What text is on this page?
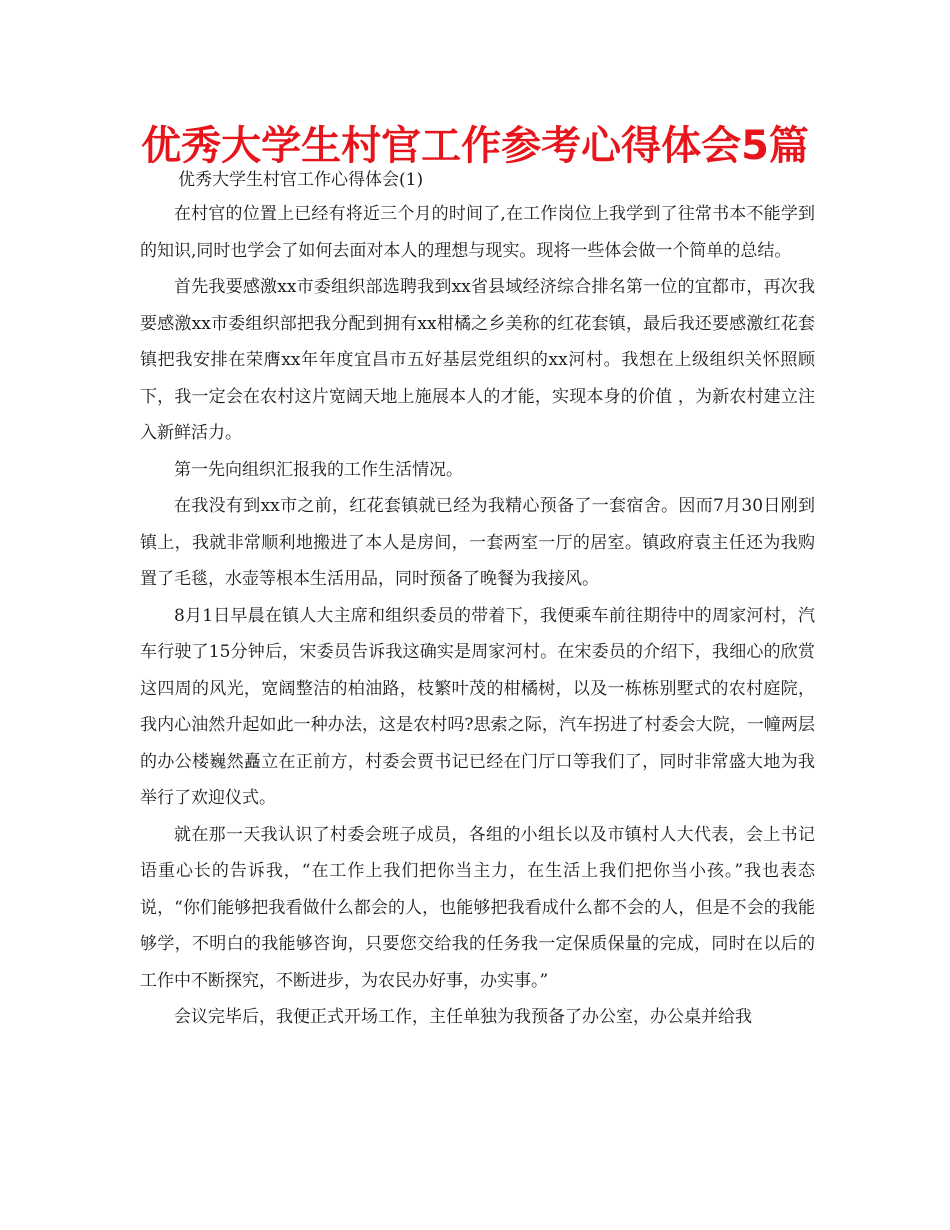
优秀大学生村官工作参考心得体会5篇

优秀大学生村官工作心得体会(1)

在村官的位置上已经有将近三个月的时间了,在工作岗位上我学到了往常书本不能学到的知识,同时也学会了如何去面对本人的理想与现实。现将一些体会做一个简单的总结。

首先我要感激xx市委组织部选聘我到xx省县域经济综合排名第一位的宜都市，再次我要感激xx市委组织部把我分配到拥有xx柑橘之乡美称的红花套镇，最后我还要感激红花套镇把我安排在荣膺xx年年度宜昌市五好基层党组织的xx河村。我想在上级组织关怀照顾下，我一定会在农村这片宽阔天地上施展本人的才能，实现本身的价值 ，为新农村建立注入新鲜活力。

第一先向组织汇报我的工作生活情况。

在我没有到xx市之前，红花套镇就已经为我精心预备了一套宿舍。因而7月30日刚到镇上，我就非常顺利地搬进了本人是房间，一套两室一厅的居室。镇政府袁主任还为我购置了毛毯，水壶等根本生活用品，同时预备了晚餐为我接风。

8月1日早晨在镇人大主席和组织委员的带着下，我便乘车前往期待中的周家河村，汽车行驶了15分钟后，宋委员告诉我这确实是周家河村。在宋委员的介绍下，我细心的欣赏这四周的风光，宽阔整洁的柏油路，枝繁叶茂的柑橘树，以及一栋栋别墅式的农村庭院，我内心油然升起如此一种办法，这是农村吗?思索之际，汽车拐进了村委会大院，一幢两层的办公楼巍然矗立在正前方，村委会贾书记已经在门厅口等我们了，同时非常盛大地为我举行了欢迎仪式。

就在那一天我认识了村委会班子成员，各组的小组长以及市镇村人大代表，会上书记语重心长的告诉我，“在工作上我们把你当主力，在生活上我们把你当小孩。”我也表态说，“你们能够把我看做什么都会的人，也能够把我看成什么都不会的人，但是不会的我能够学，不明白的我能够咨询，只要您交给我的任务我一定保质保量的完成，同时在以后的工作中不断探究，不断进步，为农民办好事，办实事。”

会议完毕后，我便正式开场工作，主任单独为我预备了办公室，办公桌并给我
